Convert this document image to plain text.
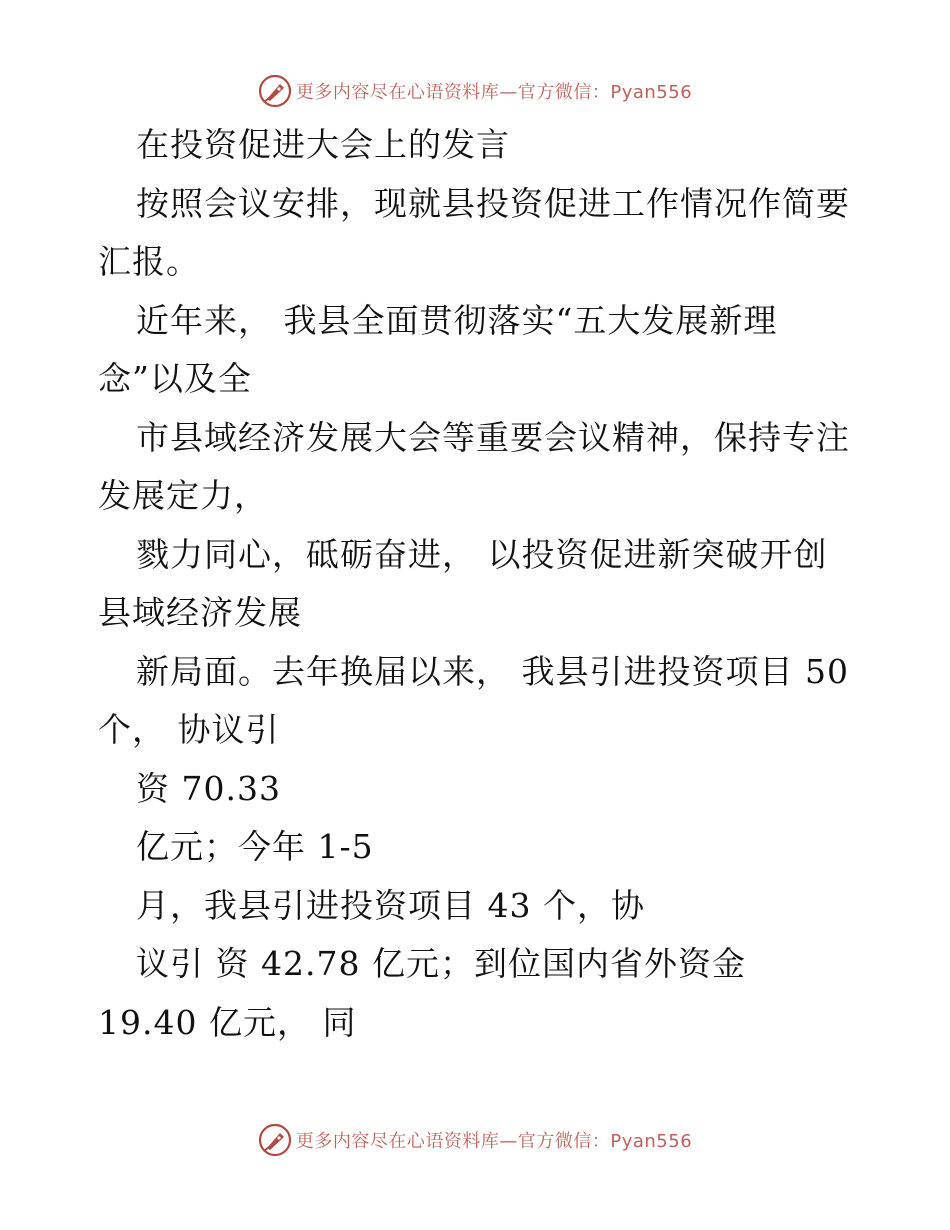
更多内容尽在心语资料库—官方微信：Pyan556
在投资促进大会上的发言
按照会议安排，现就县投资促进工作情况作简要
汇报。
近年来， 我县全面贯彻落实“五大发展新理
念”以及全
市县域经济发展大会等重要会议精神，保持专注
发展定力，
戮力同心，砥砺奋进， 以投资促进新突破开创
县域经济发展
新局面。去年换届以来， 我县引进投资项目 50
个， 协议引
资 70.33
亿元；今年 1-5
月，我县引进投资项目 43 个，协
议引 资 42.78 亿元；到位国内省外资金
19.40 亿元， 同
更多内容尽在心语资料库—官方微信：Pyan556
